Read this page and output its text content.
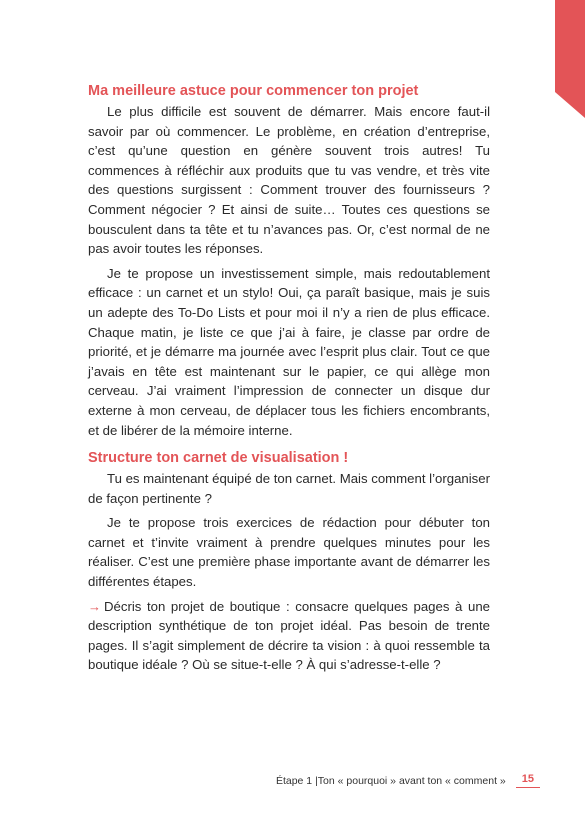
Ma meilleure astuce pour commencer ton projet

Le plus difficile est souvent de démarrer. Mais encore faut-il savoir par où commencer. Le problème, en création d’entreprise, c’est qu’une question en génère souvent trois autres! Tu commences à réfléchir aux produits que tu vas vendre, et très vite des questions surgissent : Comment trouver des fournisseurs ? Comment négocier ? Et ainsi de suite… Toutes ces questions se bousculent dans ta tête et tu n’avances pas. Or, c’est normal de ne pas avoir toutes les réponses.

Je te propose un investissement simple, mais redoutablement efficace : un carnet et un stylo! Oui, ça paraît basique, mais je suis un adepte des To-Do Lists et pour moi il n’y a rien de plus efficace. Chaque matin, je liste ce que j’ai à faire, je classe par ordre de priorité, et je démarre ma journée avec l’esprit plus clair. Tout ce que j’avais en tête est maintenant sur le papier, ce qui allège mon cerveau. J’ai vraiment l’impression de connecter un disque dur externe à mon cerveau, de déplacer tous les fichiers encombrants, et de libérer de la mémoire interne.

Structure ton carnet de visualisation !

Tu es maintenant équipé de ton carnet. Mais comment l’organiser de façon pertinente ?

Je te propose trois exercices de rédaction pour débuter ton carnet et t’invite vraiment à prendre quelques minutes pour les réaliser. C’est une première phase importante avant de démarrer les différentes étapes.

→ Décris ton projet de boutique : consacre quelques pages à une description synthétique de ton projet idéal. Pas besoin de trente pages. Il s’agit simplement de décrire ta vision : à quoi ressemble ta boutique idéale ? Où se situe-t-elle ? À qui s’adresse-t-elle ?

Étape 1 |Ton « pourquoi » avant ton « comment »	15
